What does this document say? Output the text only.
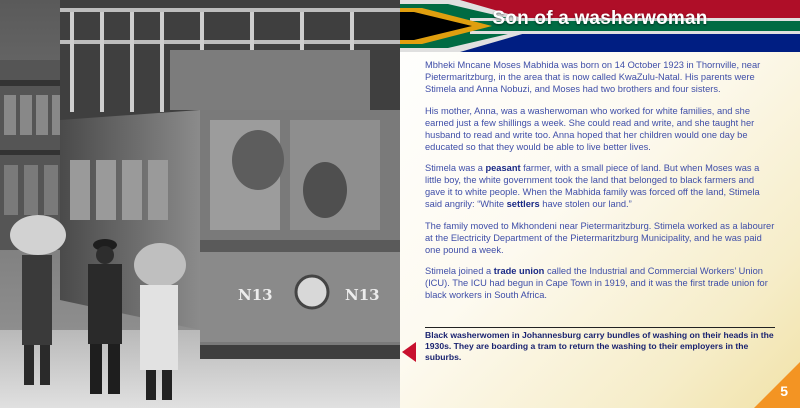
N13	N13
Son of a washerwoman

Mbheki Mncane Moses Mabhida was born on 14 October 1923 in Thornville, near Pietermaritzburg, in the area that is now called KwaZulu-Natal. His parents were Stimela and Anna Nobuzi, and Moses had two brothers and four sisters.

His mother, Anna, was a washerwoman who worked for white families, and she earned just a few shillings a week. She could read and write, and she taught her husband to read and write too. Anna hoped that her children would one day be educated so that they would be able to live better lives.

Stimela was a peasant farmer, with a small piece of land. But when Moses was a little boy, the white government took the land that belonged to black farmers and gave it to white people. When the Mabhida family was forced off the land, Stimela said angrily: “White settlers have stolen our land.”

The family moved to Mkhondeni near Pietermaritzburg. Stimela worked as a labourer at the Electricity Department of the Pietermaritzburg Municipality, and he was paid one pound a week.

Stimela joined a trade union called the Industrial and Commercial Workers’ Union (ICU). The ICU had begun in Cape Town in 1919, and it was the first trade union for black workers in South Africa.

Black washerwomen in Johannesburg carry bundles of washing on their heads in the 1930s. They are boarding a tram to return the washing to their employers in the suburbs.
5
